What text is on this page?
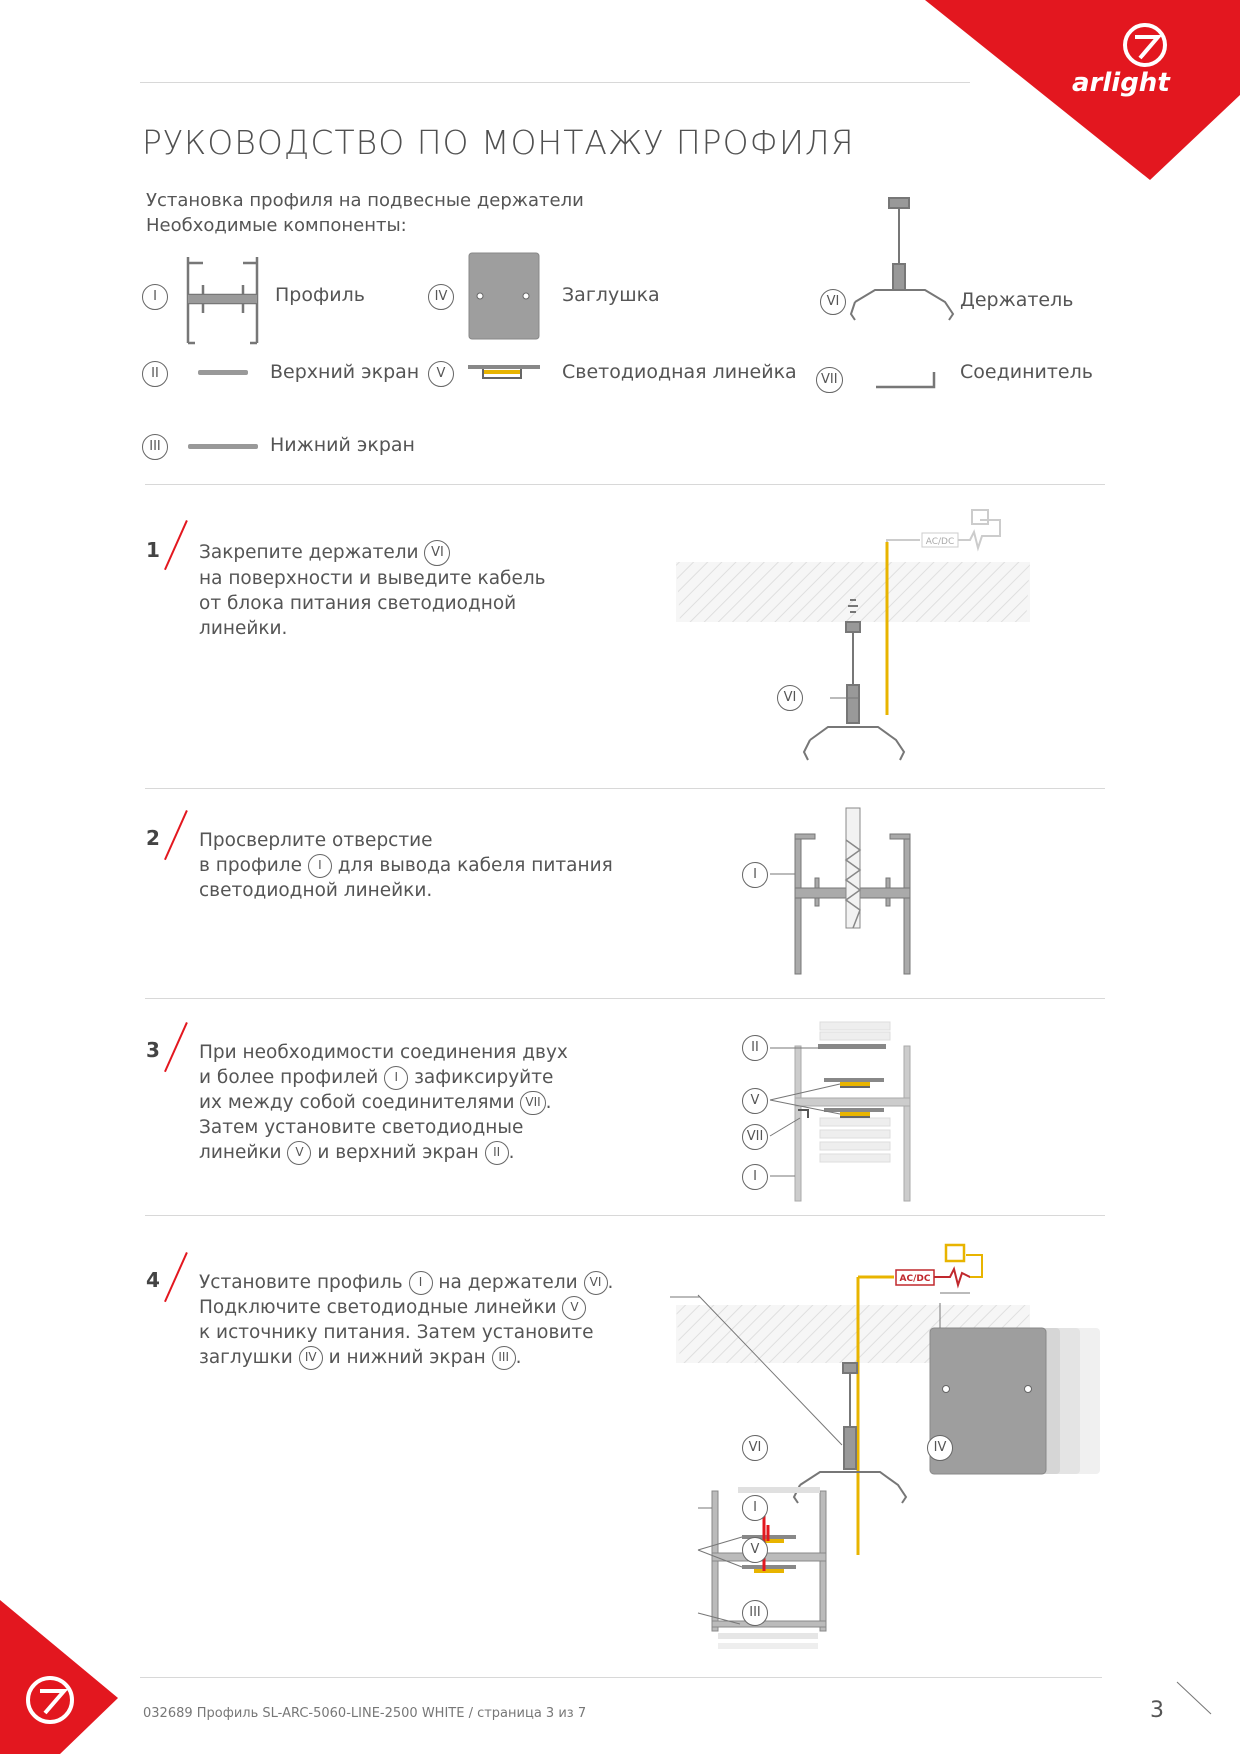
arlight
РУКОВОДСТВО ПО МОНТАЖУ ПРОФИЛЯ
Установка профиля на подвесные держатели
Необходимые компоненты:
I	Профиль
II	Верхний экран
III	Нижний экран
IV	Заглушка
V	Светодиодная линейка
VI	Держатель
VII	Соединитель
1 Закрепите держатели VI
на поверхности и выведите кабель
от блока питания светодиодной
линейки.
AC/DC
VI
2 Просверлите отверстие
в профиле I для вывода кабеля питания
светодиодной линейки.
I
3 При необходимости соединения двух
и более профилей I зафиксируйте
их между собой соединителями VII .
Затем установите светодиодные
линейки V и верхний экран II .
II
V
VII
I
4 Установите профиль I на держатели VI .
Подключите светодиодные линейки V
к источнику питания. Затем установите
заглушки IV и нижний экран III .
AC/DC
VI
I
V
III
IV
032689 Профиль SL-ARC-5060-LINE-2500 WHITE / страница 3 из 7	3
